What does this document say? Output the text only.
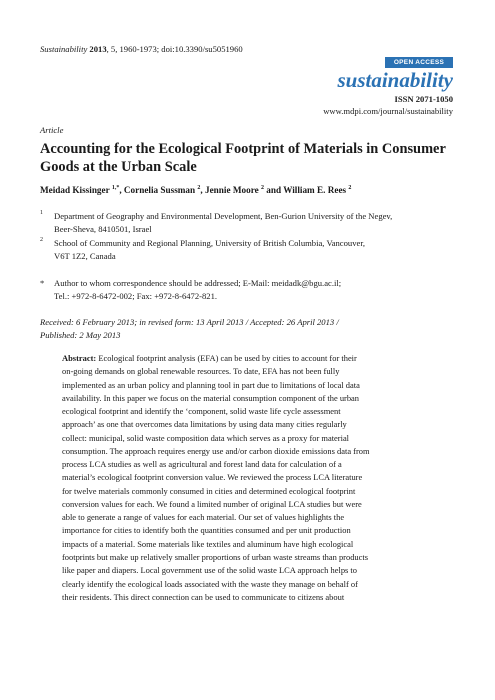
Sustainability 2013, 5, 1960-1973; doi:10.3390/su5051960
OPEN ACCESS
sustainability
ISSN 2071-1050
www.mdpi.com/journal/sustainability
Article
Accounting for the Ecological Footprint of Materials in Consumer Goods at the Urban Scale
Meidad Kissinger $^{1,*}$, Cornelia Sussman $^2$, Jennie Moore $^2$ and William E. Rees $^2$
1 Department of Geography and Environmental Development, Ben-Gurion University of the Negev,
Beer-Sheva, 8410501, Israel
2 School of Community and Regional Planning, University of British Columbia, Vancouver,
V6T 1Z2, Canada
* Author to whom correspondence should be addressed; E-Mail: meidadk@bgu.ac.il;
Tel.: +972-8-6472-002; Fax: +972-8-6472-821.
Received: 6 February 2013; in revised form: 13 April 2013 / Accepted: 26 April 2013 /
Published: 2 May 2013
Abstract: Ecological footprint analysis (EFA) can be used by cities to account for their
on-going demands on global renewable resources. To date, EFA has not been fully
implemented as an urban policy and planning tool in part due to limitations of local data
availability. In this paper we focus on the material consumption component of the urban
ecological footprint and identify the ‘component, solid waste life cycle assessment
approach’ as one that overcomes data limitations by using data many cities regularly
collect: municipal, solid waste composition data which serves as a proxy for material
consumption. The approach requires energy use and/or carbon dioxide emissions data from
process LCA studies as well as agricultural and forest land data for calculation of a
material’s ecological footprint conversion value. We reviewed the process LCA literature
for twelve materials commonly consumed in cities and determined ecological footprint
conversion values for each. We found a limited number of original LCA studies but were
able to generate a range of values for each material. Our set of values highlights the
importance for cities to identify both the quantities consumed and per unit production
impacts of a material. Some materials like textiles and aluminum have high ecological
footprints but make up relatively smaller proportions of urban waste streams than products
like paper and diapers. Local government use of the solid waste LCA approach helps to
clearly identify the ecological loads associated with the waste they manage on behalf of
their residents. This direct connection can be used to communicate to citizens about
